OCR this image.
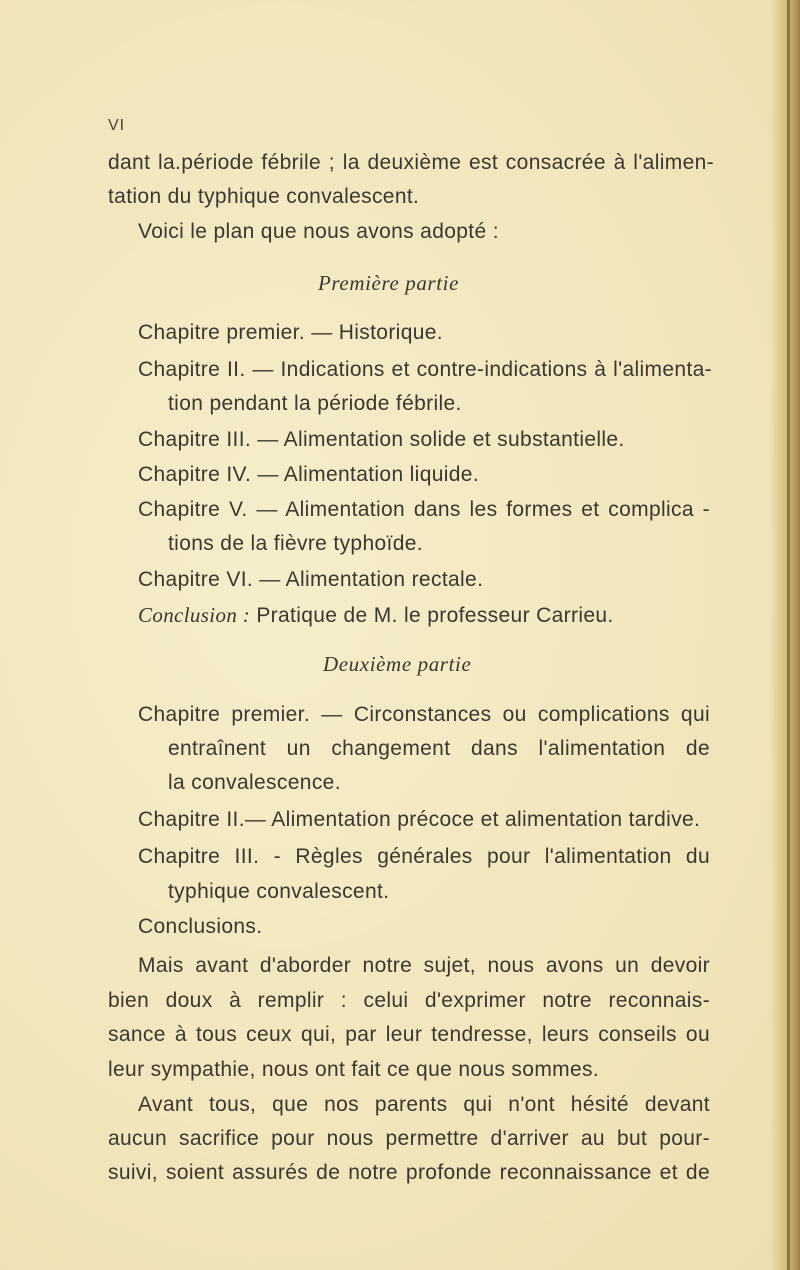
VI
dant la.période fébrile ; la deuxième est consacrée à l'alimen-
tation du typhique convalescent.
Voici le plan que nous avons adopté :
Première partie
Chapitre premier. — Historique.
Chapitre II. — Indications et contre-indications à l'alimenta-
tion pendant la période fébrile.
Chapitre III. — Alimentation solide et substantielle.
Chapitre IV. — Alimentation liquide.
Chapitre V. — Alimentation dans les formes et complica -
tions de la fièvre typhoïde.
Chapitre VI. — Alimentation rectale.
Conclusion : Pratique de M. le professeur Carrieu.
Deuxième partie
Chapitre premier. — Circonstances ou complications qui
entraînent un changement dans l'alimentation de
la convalescence.
Chapitre II.— Alimentation précoce et alimentation tardive.
Chapitre III. - Règles générales pour l'alimentation du
typhique convalescent.
Conclusions.
Mais avant d'aborder notre sujet, nous avons un devoir
bien doux à remplir : celui d'exprimer notre reconnais-
sance à tous ceux qui, par leur tendresse, leurs conseils ou
leur sympathie, nous ont fait ce que nous sommes.
Avant tous, que nos parents qui n'ont hésité devant
aucun sacrifice pour nous permettre d'arriver au but pour-
suivi, soient assurés de notre profonde reconnaissance et de
